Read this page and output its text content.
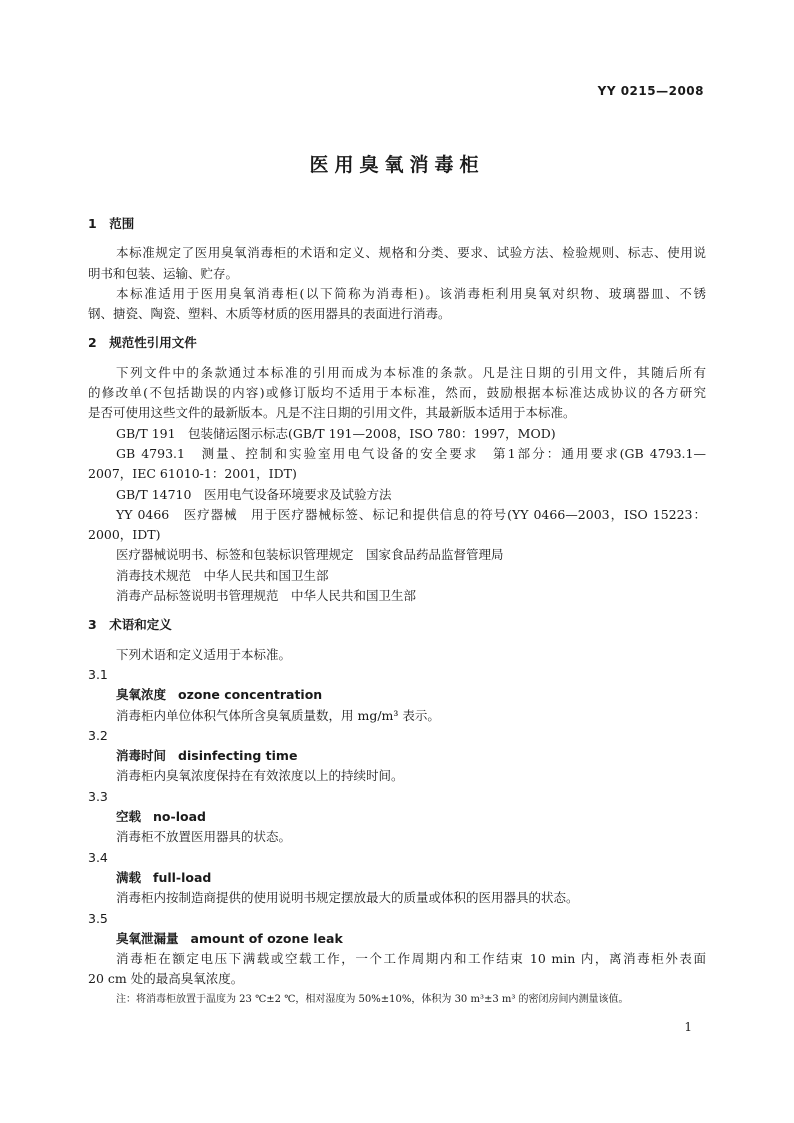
YY 0215—2008
医用臭氧消毒柜
1　范围
本标准规定了医用臭氧消毒柜的术语和定义、规格和分类、要求、试验方法、检验规则、标志、使用说
明书和包装、运输、贮存。
本标准适用于医用臭氧消毒柜(以下简称为消毒柜)。该消毒柜利用臭氧对织物、玻璃器皿、不锈
钢、搪瓷、陶瓷、塑料、木质等材质的医用器具的表面进行消毒。
2　规范性引用文件
下列文件中的条款通过本标准的引用而成为本标准的条款。凡是注日期的引用文件，其随后所有
的修改单(不包括勘误的内容)或修订版均不适用于本标准，然而，鼓励根据本标准达成协议的各方研究
是否可使用这些文件的最新版本。凡是不注日期的引用文件，其最新版本适用于本标准。
GB/T 191　包装储运图示标志(GB/T 191—2008，ISO 780：1997，MOD)
GB 4793.1　测量、控制和实验室用电气设备的安全要求　第1部分：通用要求(GB 4793.1—
2007，IEC 61010-1：2001，IDT)
GB/T 14710　医用电气设备环境要求及试验方法
YY 0466　医疗器械　用于医疗器械标签、标记和提供信息的符号(YY 0466—2003，ISO 15223：
2000，IDT)
医疗器械说明书、标签和包装标识管理规定　国家食品药品监督管理局
消毒技术规范　中华人民共和国卫生部
消毒产品标签说明书管理规范　中华人民共和国卫生部
3　术语和定义
下列术语和定义适用于本标准。
3.1
臭氧浓度 ozone concentration
消毒柜内单位体积气体所含臭氧质量数，用 mg/m³ 表示。
3.2
消毒时间 disinfecting time
消毒柜内臭氧浓度保持在有效浓度以上的持续时间。
3.3
空载 no-load
消毒柜不放置医用器具的状态。
3.4
满载 full-load
消毒柜内按制造商提供的使用说明书规定摆放最大的质量或体积的医用器具的状态。
3.5
臭氧泄漏量 amount of ozone leak
消毒柜在额定电压下满载或空载工作，一个工作周期内和工作结束 10 min 内，离消毒柜外表面
20 cm 处的最高臭氧浓度。
注：将消毒柜放置于温度为 23 ℃±2 ℃，相对湿度为 50%±10%，体积为 30 m³±3 m³ 的密闭房间内测量该值。
1
